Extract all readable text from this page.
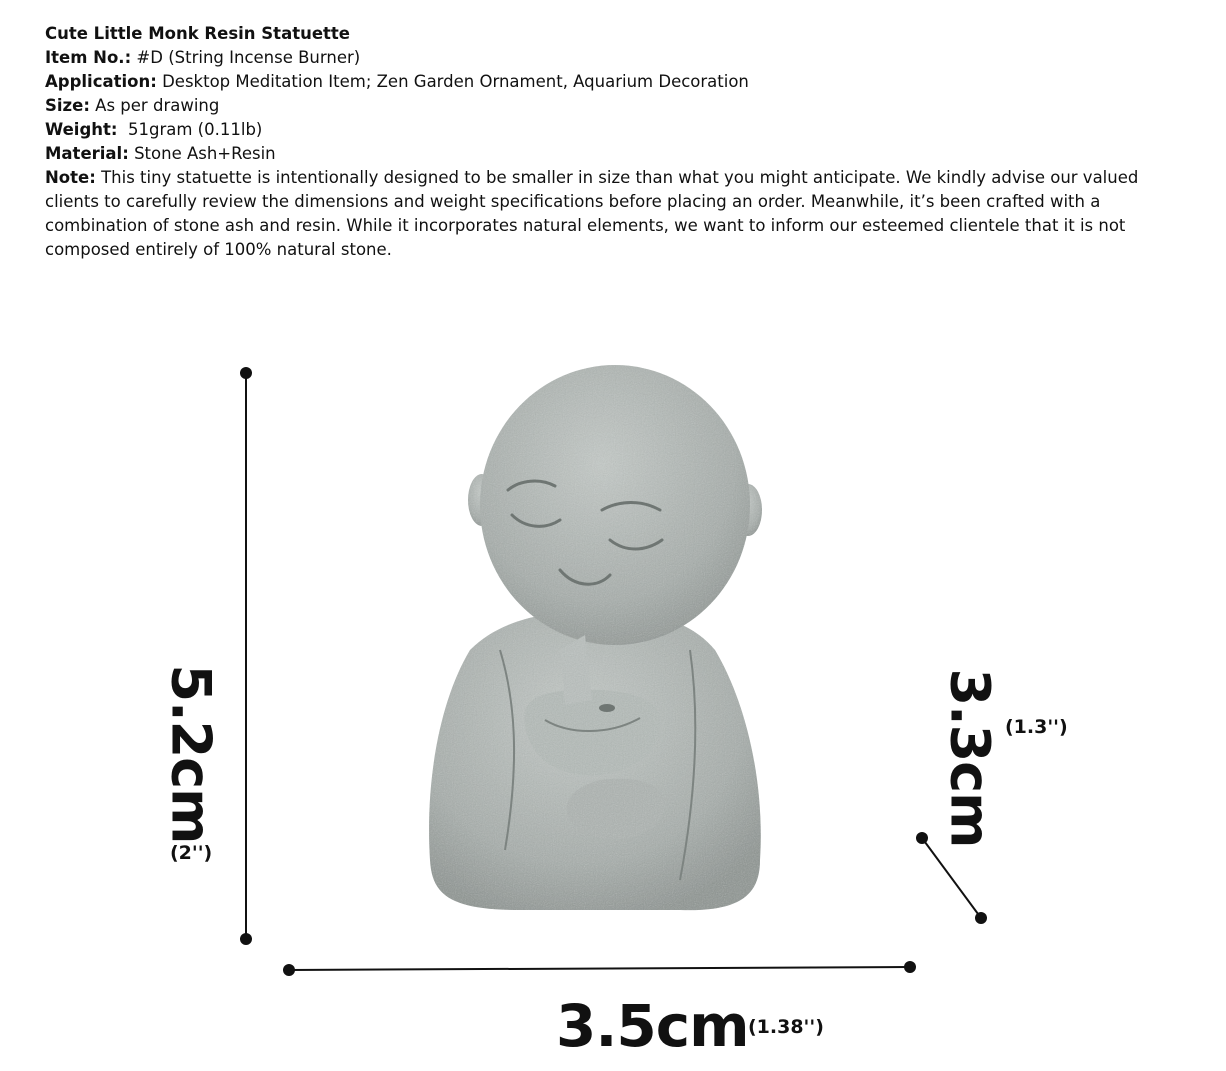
Cute Little Monk Resin Statuette
Item No.: #D (String Incense Burner)
Application: Desktop Meditation Item; Zen Garden Ornament, Aquarium Decoration
Size: As per drawing
Weight:  51gram (0.11lb)
Material: Stone Ash+Resin
Note: This tiny statuette is intentionally designed to be smaller in size than what you might anticipate. We kindly advise our valued clients to carefully review the dimensions and weight specifications before placing an order. Meanwhile, it’s been crafted with a combination of stone ash and resin. While it incorporates natural elements, we want to inform our esteemed clientele that it is not composed entirely of 100% natural stone.
5.2cm
(2'')
3.3cm (1.3'')
3.5cm (1.38'')
